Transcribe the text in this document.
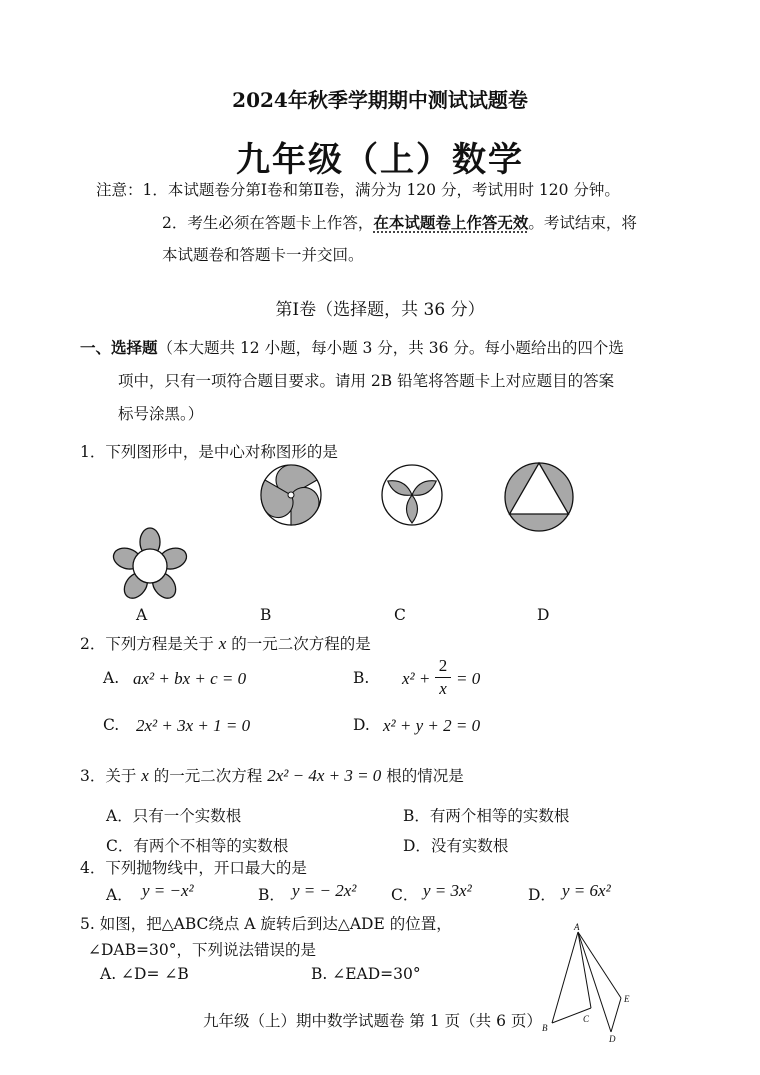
2024年秋季学期期中测试试题卷
九年级（上）数学
注意：1．本试题卷分第Ⅰ卷和第Ⅱ卷，满分为 120 分，考试用时 120 分钟。
2．考生必须在答题卡上作答，在本试题卷上作答无效。考试结束，将
本试题卷和答题卡一并交回。
第Ⅰ卷（选择题，共 36 分）
一、选择题（本大题共 12 小题，每小题 3 分，共 36 分。每小题给出的四个选
项中，只有一项符合题目要求。请用 2B 铅笔将答题卡上对应题目的答案
标号涂黑。）
1．下列图形中，是中心对称图形的是
A	B	C	D
2．下列方程是关于 x 的一元二次方程的是
A. ax² + bx + c = 0	B. x² +
2
x
= 0
C. 2x² + 3x + 1 = 0	D. x² + y + 2 = 0
3．关于 x 的一元二次方程 2x² − 4x + 3 = 0 根的情况是
A．只有一个实数根	B．有两个相等的实数根
C．有两个不相等的实数根	D．没有实数根
4．下列抛物线中，开口最大的是
A． y = −x²	B． y = − 2x² C． y = 3x²	D． y = 6x²
5. 如图，把△ABC绕点 A 旋转后到达△ADE 的位置，
∠DAB=30°，下列说法错误的是
A. ∠D= ∠B	B. ∠EAD=30°
A
B
C
D
E
九年级（上）期中数学试题卷 第 1 页（共 6 页）
